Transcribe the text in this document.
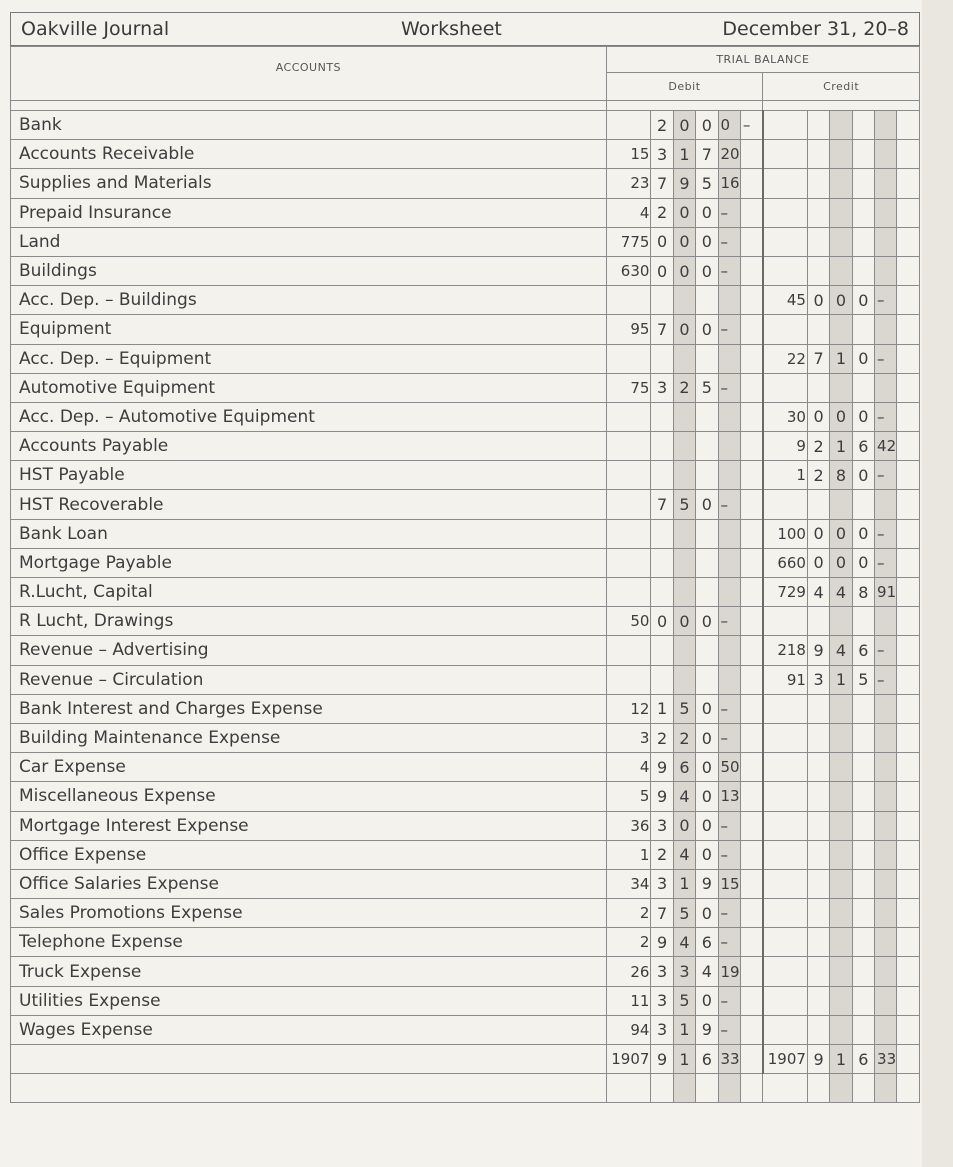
Oakville Journal	Worksheet	December 31, 20–8
ACCOUNTS	TRIAL BALANCE											
	Debit						Credit					

Bank		2	0	0	0	–						
Accounts Receivable	15	3	1	7	20							
Supplies and Materials	23	7	9	5	16							
Prepaid Insurance	4	2	0	0	–							
Land	775	0	0	0	–							
Buildings	630	0	0	0	–							
Acc. Dep. – Buildings							45	0	0	0	–	
Equipment	95	7	0	0	–							
Acc. Dep. – Equipment							22	7	1	0	–	
Automotive Equipment	75	3	2	5	–							
Acc. Dep. – Automotive Equipment							30	0	0	0	–	
Accounts Payable							9	2	1	6	42	
HST Payable							1	2	8	0	–	
HST Recoverable		7	5	0	–							
Bank Loan							100	0	0	0	–	
Mortgage Payable							660	0	0	0	–	
R.Lucht, Capital							729	4	4	8	91	
R Lucht, Drawings	50	0	0	0	–							
Revenue – Advertising							218	9	4	6	–	
Revenue – Circulation							91	3	1	5	–	
Bank Interest and Charges Expense	12	1	5	0	–							
Building Maintenance Expense	3	2	2	0	–							
Car Expense	4	9	6	0	50							
Miscellaneous Expense	5	9	4	0	13							
Mortgage Interest Expense	36	3	0	0	–							
Office Expense	1	2	4	0	–							
Office Salaries Expense	34	3	1	9	15							
Sales Promotions Expense	2	7	5	0	–							
Telephone Expense	2	9	4	6	–							
Truck Expense	26	3	3	4	19							
Utilities Expense	11	3	5	0	–							
Wages Expense	94	3	1	9	–							
	1907	9	1	6	33		1907	9	1	6	33	
